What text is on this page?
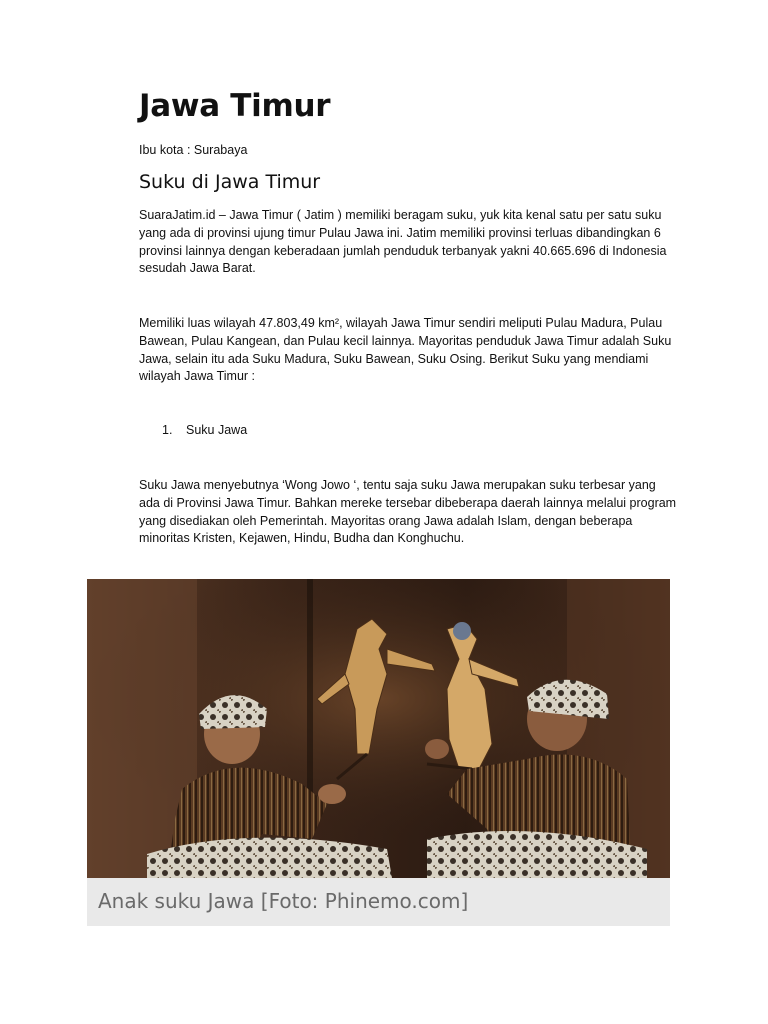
Jawa Timur
Ibu kota : Surabaya
Suku di Jawa Timur

SuaraJatim.id – Jawa Timur ( Jatim ) memiliki beragam suku, yuk kita kenal satu per satu suku yang ada di provinsi ujung timur Pulau Jawa ini. Jatim memiliki provinsi terluas dibandingkan 6 provinsi lainnya dengan keberadaan jumlah penduduk terbanyak yakni 40.665.696 di Indonesia sesudah Jawa Barat.

Memiliki luas wilayah 47.803,49 km², wilayah Jawa Timur sendiri meliputi Pulau Madura, Pulau Bawean, Pulau Kangean, dan Pulau kecil lainnya. Mayoritas penduduk Jawa Timur adalah Suku Jawa, selain itu ada Suku Madura, Suku Bawean, Suku Osing. Berikut Suku yang mendiami wilayah Jawa Timur :

1. Suku Jawa

Suku Jawa menyebutnya ‘Wong Jowo ‘, tentu saja suku Jawa merupakan suku terbesar yang ada di Provinsi Jawa Timur. Bahkan mereke tersebar dibeberapa daerah lainnya melalui program yang disediakan oleh Pemerintah. Mayoritas orang Jawa adalah Islam, dengan beberapa minoritas Kristen, Kejawen, Hindu, Budha dan Konghuchu.

Anak suku Jawa [Foto: Phinemo.com]
